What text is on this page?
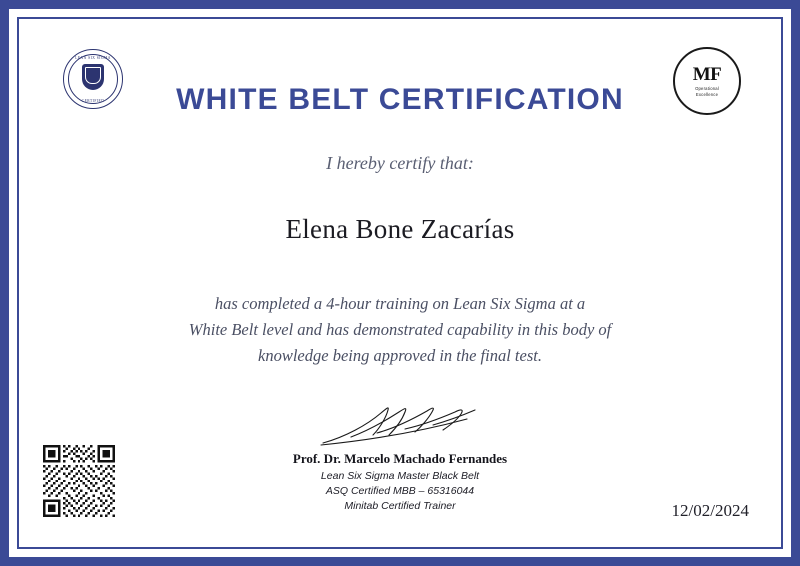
LEAN SIX SIGMA
CERTIFIED
MF
Operational
Excellence
WHITE BELT CERTIFICATION
I hereby certify that:
Elena Bone Zacarías
has completed a 4-hour training on Lean Six Sigma at a
White Belt level and has demonstrated capability in this body of
knowledge being approved in the final test.
Prof. Dr. Marcelo Machado Fernandes
Lean Six Sigma Master Black Belt
ASQ Certified MBB – 65316044
Minitab Certified Trainer	12/02/2024
